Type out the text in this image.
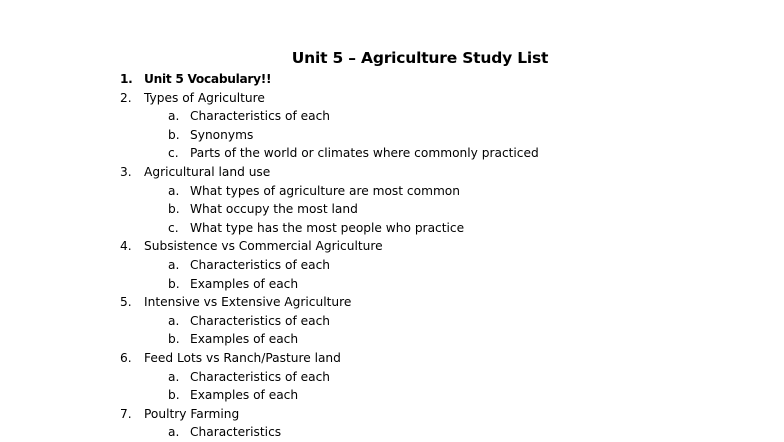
Unit 5 – Agriculture Study List
1. Unit 5 Vocabulary!!
2. Types of Agriculture
a. Characteristics of each
b. Synonyms
c. Parts of the world or climates where commonly practiced
3. Agricultural land use
a. What types of agriculture are most common
b. What occupy the most land
c. What type has the most people who practice
4. Subsistence vs Commercial Agriculture
a. Characteristics of each
b. Examples of each
5. Intensive vs Extensive Agriculture
a. Characteristics of each
b. Examples of each
6. Feed Lots vs Ranch/Pasture land
a. Characteristics of each
b. Examples of each
7. Poultry Farming
a. Characteristics
